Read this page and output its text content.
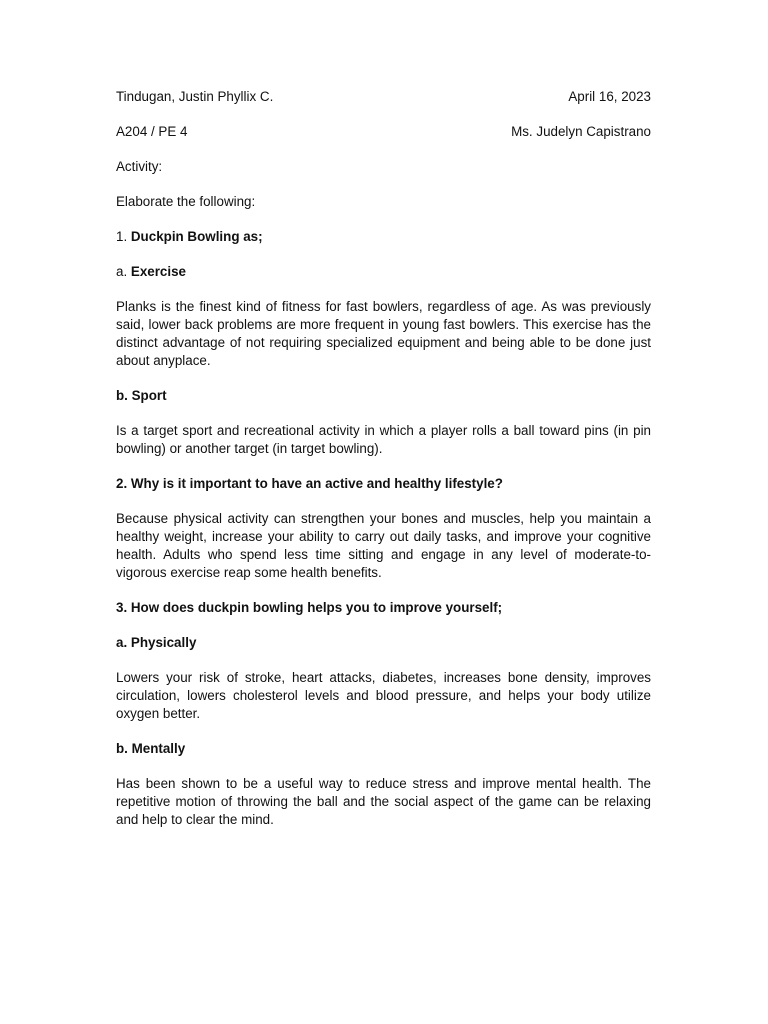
Tindugan, Justin Phyllix C.	April 16, 2023
A204 / PE 4	Ms. Judelyn Capistrano

Activity:

Elaborate the following:

1. Duckpin Bowling as;

a. Exercise

Planks is the finest kind of fitness for fast bowlers, regardless of age. As was previously said, lower back problems are more frequent in young fast bowlers. This exercise has the distinct advantage of not requiring specialized equipment and being able to be done just about anyplace.

b. Sport

Is a target sport and recreational activity in which a player rolls a ball toward pins (in pin bowling) or another target (in target bowling).

2. Why is it important to have an active and healthy lifestyle?

Because physical activity can strengthen your bones and muscles, help you maintain a healthy weight, increase your ability to carry out daily tasks, and improve your cognitive health. Adults who spend less time sitting and engage in any level of moderate-to-vigorous exercise reap some health benefits.

3. How does duckpin bowling helps you to improve yourself;

a. Physically

Lowers your risk of stroke, heart attacks, diabetes, increases bone density, improves circulation, lowers cholesterol levels and blood pressure, and helps your body utilize oxygen better.

b. Mentally

Has been shown to be a useful way to reduce stress and improve mental health. The repetitive motion of throwing the ball and the social aspect of the game can be relaxing and help to clear the mind.
